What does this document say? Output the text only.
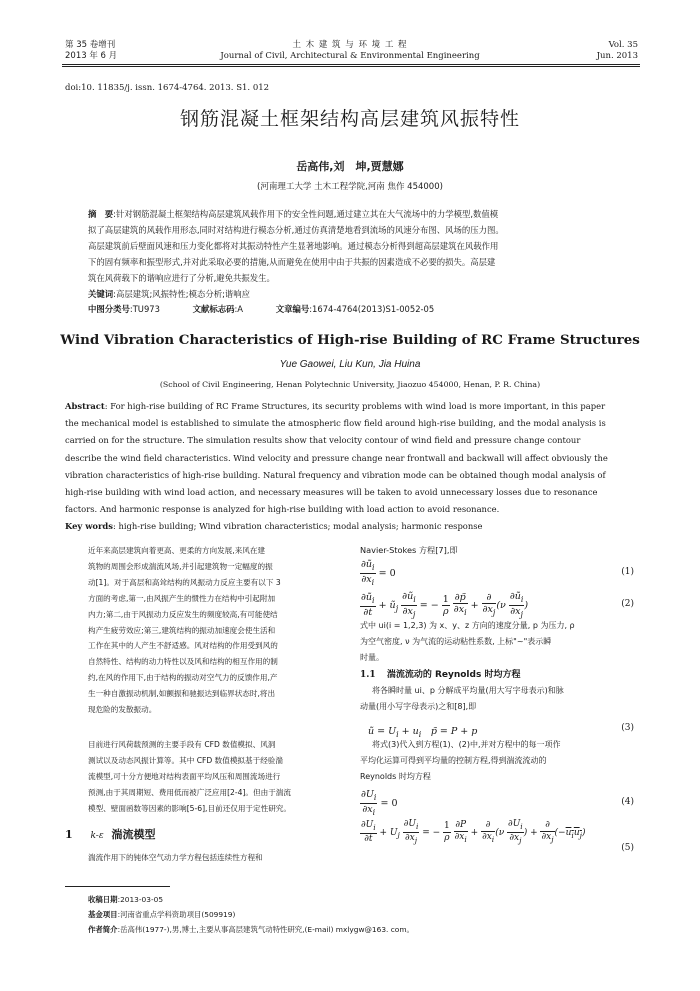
第 35 卷增刊
2013 年 6 月
土 木 建 筑 与 环 境 工 程
Journal of Civil, Architectural & Environmental Engineering
Vol. 35
Jun. 2013
doi:10. 11835/j. issn. 1674-4764. 2013. S1. 012
钢筋混凝土框架结构高层建筑风振特性
岳高伟,刘　坤,贾慧娜
(河南理工大学 土木工程学院,河南 焦作 454000)
摘　要:针对钢筋混凝土框架结构高层建筑风载作用下的安全性问题,通过建立其在大气流场中的力学模型,数值模
拟了高层建筑的风载作用形态,同时对结构进行模态分析,通过仿真清楚地看到流场的风速分布图、风场的压力图。
高层建筑前后壁面风速和压力变化都将对其振动特性产生显著地影响。通过模态分析得到超高层建筑在风载作用
下的固有频率和振型形式,并对此采取必要的措施,从而避免在使用中由于共振的因素造成不必要的损失。高层建
筑在风荷载下的谐响应进行了分析,避免共振发生。
关键词:高层建筑;风振特性;模态分析;谐响应
中图分类号:TU973	文献标志码:A	文章编号:1674-4764(2013)S1-0052-05
Wind Vibration Characteristics of High-rise Building of RC Frame Structures
Yue Gaowei, Liu Kun, Jia Huina
(School of Civil Engineering, Henan Polytechnic University, Jiaozuo 454000, Henan, P. R. China)
Abstract: For high-rise building of RC Frame Structures, its security problems with wind load is more important, in this paper
the mechanical model is established to simulate the atmospheric flow field around high-rise building, and the modal analysis is
carried on for the structure. The simulation results show that velocity contour of wind field and pressure change contour
describe the wind field characteristics. Wind velocity and pressure change near frontwall and backwall will affect obviously the
vibration characteristics of high-rise building. Natural frequency and vibration mode can be obtained though modal analysis of
high-rise building with wind load action, and necessary measures will be taken to avoid unnecessary losses due to resonance
factors. And harmonic response is analyzed for high-rise building with load action to avoid resonance.
Key words: high-rise building; Wind vibration characteristics; modal analysis; harmonic response
近年来高层建筑向着更高、更柔的方向发展,来风在建
筑物的周围会形成湍流风场,并引起建筑物一定幅度的振
动[1]。对于高层和高耸结构的风振动力反应主要有以下 3
方面的考虑,第一,由风振产生的惯性力在结构中引起附加
内力;第二,由于风振动力反应发生的频度较高,有可能使结
构产生疲劳效应;第三,建筑结构的振动加速度会使生活和
工作在其中的人产生不舒适感。风对结构的作用受到风的
自然特性、结构的动力特性以及风和结构的相互作用的制
约,在风的作用下,由于结构的振动对空气力的反馈作用,产
生一种自激振动机制,如颤振和驰振达到临界状态时,将出
现危险的发散振动。
目前进行风荷载预测的主要手段有 CFD 数值模拟、风洞
测试以及动态风振计算等。其中 CFD 数值模拟基于经验湍
流模型,可十分方便地对结构表面平均风压和周围流场进行
预测,由于其周期短、费用低而被广泛应用[2-4]。但由于湍流
模型、壁面函数等因素的影响[5-6],目前还仅用于定性研究。
1 k-ε 湍流模型
湍流作用下的钝体空气动力学方程包括连续性方程和
Navier-Stokes 方程[7],即
$\frac{\partial ũ_i}{\partial x_i} = 0$	(1)
$\frac{\partial ũ_i}{\partial t}$ + $ũ_j \frac{\partial ũ_i}{\partial x_j}$ = − $\frac{1}{\rho}$
$\frac{\partial p̃}{\partial x_i} + \frac{\partial}{\partial x_j} (\nu \frac{\partial ũ_i}{\partial x_j}$ )	(2)
式中 ui(i = 1,2,3) 为 x、y、z 方向的速度分量, p 为压力, ρ
为空气密度, ν 为气流的运动粘性系数, 上标"~"表示瞬
时量。
1.1 湍流流动的 Reynolds 时均方程
将各瞬时量 ui、p 分解成平均量(用大写字母表示)和脉
动量(用小写字母表示)之和[8],即
ũ = $U_i + u_i$　p̃ = P + p	(3)
将式(3)代入到方程(1)、(2)中,并对方程中的每一项作
平均化运算可得到平均量的控制方程,得到湍流流动的
Reynolds 时均方程
$\frac{\partial U_i}{\partial x_i} = 0$	(4)
$\frac{\partial U_i}{\partial t} + U_j \frac{\partial U_i}{\partial x_j}$ = − $\frac{1}{\rho}$
$\frac{\partial P}{\partial x_i} + \frac{\partial}{\partial x_i} (\nu \frac{\partial U_i}{\partial x_j}$ ) + $\frac{\partial}{\partial x_j} (-u_iu_j)$
(5)
收稿日期:2013-03-05
基金项目:河南省重点学科资助项目(509919)
作者简介:岳高伟(1977-),男,博士,主要从事高层建筑气动特性研究,(E-mail) mxlygw@163. com。
